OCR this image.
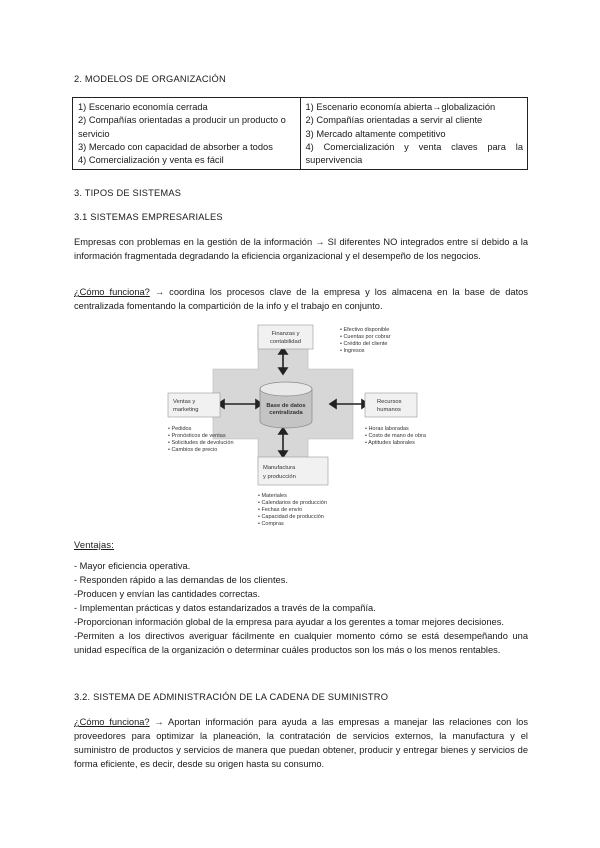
2. MODELOS DE ORGANIZACIÓN
1) Escenario economía cerrada
2) Compañías orientadas a producir un producto o servicio
3) Mercado con capacidad de absorber a todos
4) Comercialización y venta es fácil

1) Escenario economía abierta→globalización
2) Compañías orientadas a servir al cliente
3) Mercado altamente competitivo
4) Comercialización y venta claves para la supervivencia
3. TIPOS DE SISTEMAS
3.1 SISTEMAS EMPRESARIALES
Empresas con problemas en la gestión de la información → SI diferentes NO integrados entre sí debido a la información fragmentada degradando la eficiencia organizacional y el desempeño de los negocios.
¿Cómo funciona? → coordina los procesos clave de la empresa y los almacena en la base de datos centralizada fomentando la compartición de la info y el trabajo en conjunto.
Base de datos
centralizada
Finanzas y
contabilidad
• Efectivo disponible
• Cuentas por cobrar
• Crédito del cliente
• Ingresos
Ventas y
marketing
• Pedidos
• Pronósticos de ventas
• Solicitudes de devolución
• Cambios de precio
Recursos
humanos
• Horas laboradas
• Costo de mano de obra
• Aptitudes laborales
Manufactura
y producción
• Materiales
• Calendarios de producción
• Fechas de envío
• Capacidad de producción
• Compras
Ventajas:
- Mayor eficiencia operativa.
- Responden rápido a las demandas de los clientes.
-Producen y envían las cantidades correctas.
- Implementan prácticas y datos estandarizados a través de la compañía.
-Proporcionan información global de la empresa para ayudar a los gerentes a tomar mejores decisiones.
-Permiten a los directivos averiguar fácilmente en cualquier momento cómo se está desempeñando una unidad específica de la organización o determinar cuáles productos son los más o los menos rentables.
3.2. SISTEMA DE ADMINISTRACIÓN DE LA CADENA DE SUMINISTRO
¿Cómo funciona? → Aportan información para ayuda a las empresas a manejar las relaciones con los proveedores para optimizar la planeación, la contratación de servicios externos, la manufactura y el suministro de productos y servicios de manera que puedan obtener, producir y entregar bienes y servicios de forma eficiente, es decir, desde su origen hasta su consumo.
